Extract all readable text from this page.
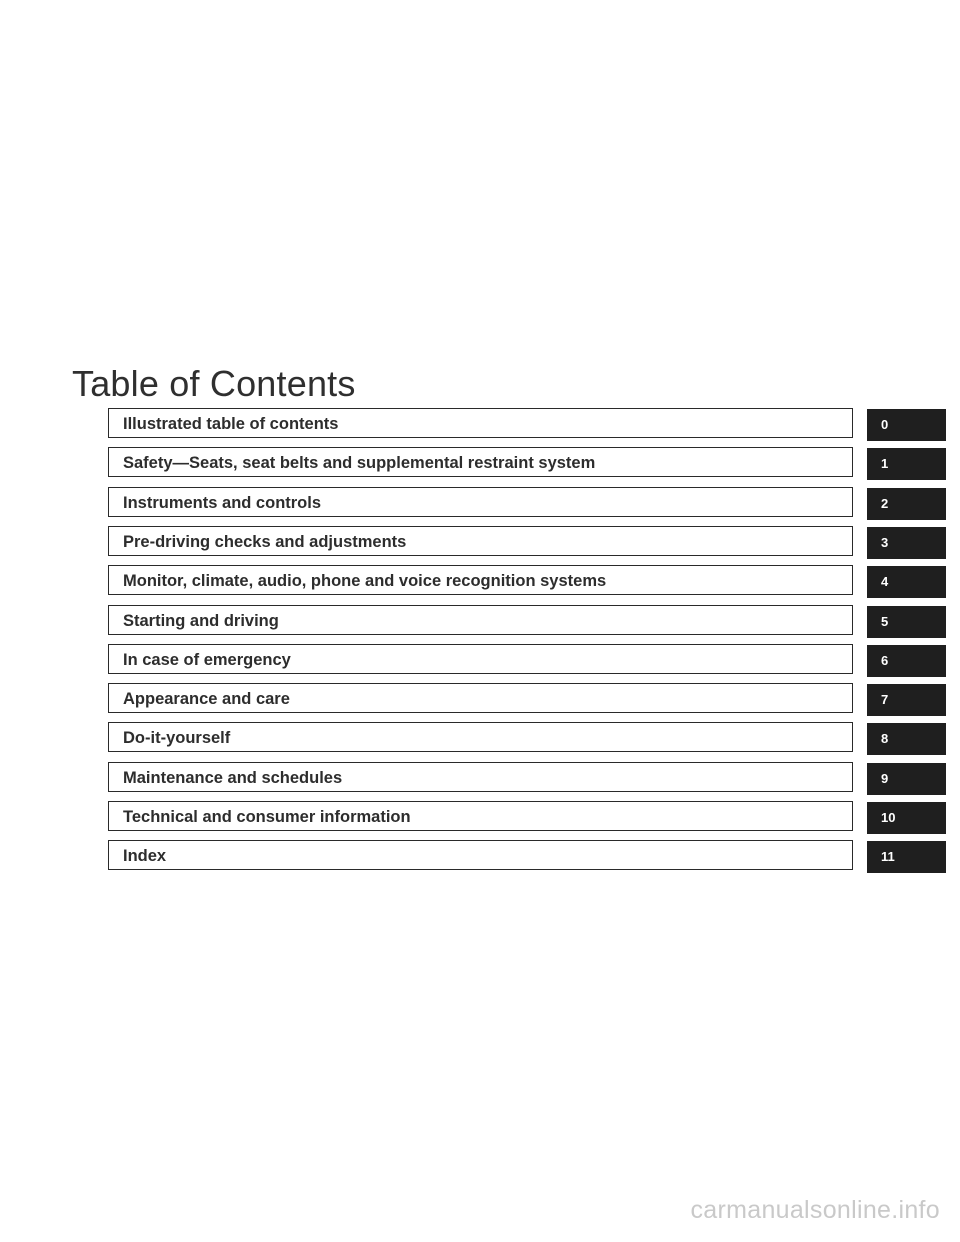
Table of Contents
Illustrated table of contents	0
Safety—Seats, seat belts and supplemental restraint system	1
Instruments and controls	2
Pre-driving checks and adjustments	3
Monitor, climate, audio, phone and voice recognition systems	4
Starting and driving	5
In case of emergency	6
Appearance and care	7
Do-it-yourself	8
Maintenance and schedules	9
Technical and consumer information	10
Index	11
carmanualsonline.info
